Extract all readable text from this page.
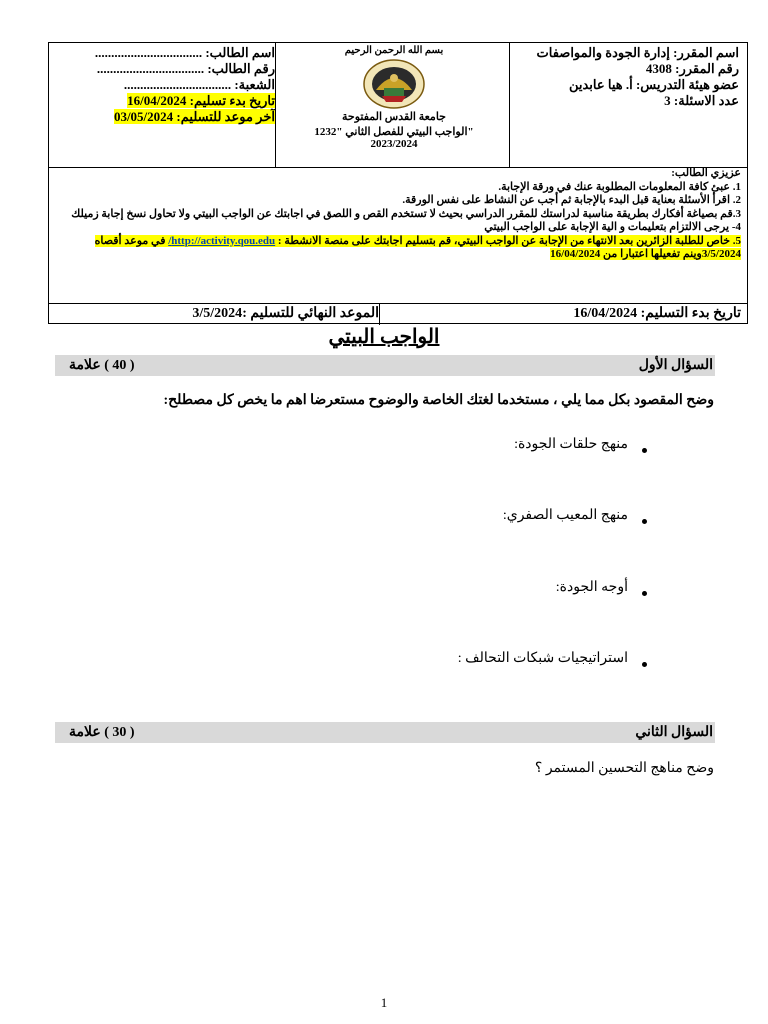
اسم المقرر: إدارة الجودة والمواصفات
رقم المقرر: 4308
عضو هيئة التدريس: أ. هيا عابدين
عدد الاسئلة: 3
بسم الله الرحمن الرحيم
جامعة القدس المفتوحة
الواجب البيتي للفصل الثاني "1232"
2023/2024
اسم الطالب: .................................
رقم الطالب: .................................
الشعبة: .................................
تاريخ بدء تسليم: 16/04/2024
آخر موعد للتسليم: 03/05/2024

عزيزي الطالب:

1. عبئ كافة المعلومات المطلوبة عنك في ورقة الإجابة.

2. اقرأ الأسئلة بعناية قبل البدء بالإجابة ثم أجب عن النشاط على نفس الورقة.

3.قم بصياغة أفكارك بطريقة مناسبة لدراستك للمقرر الدراسي بحيث لا تستخدم القص و اللصق في اجابتك عن الواجب البيتي ولا تحاول نسخ إجابة زميلك

4- يرجى الالتزام بتعليمات و الية الإجابة على الواجب البيتي

5. خاص للطلبة الزائرين بعد الانتهاء من الإجابة عن الواجب البيتي، قم بتسليم اجابتك على منصة الانشطة : http://activity.qou.edu/ في موعد أقصاه 3/5/2024وينم تفعيلها اعتبارا من 16/04/2024

تاريخ بدء التسليم: 16/04/2024
الموعد النهائي للتسليم :3/5/2024
الواجب البيتي
السؤال الأول
( 40 ) علامة
وضح المقصود بكل مما يلي ، مستخدما لغتك الخاصة والوضوح مستعرضا اهم ما يخص كل مصطلح:
منهج حلقات الجودة:
منهج المعيب الصفري:
أوجه الجودة:
استراتيجيات شبكات التحالف :
السؤال الثاني
( 30 ) علامة
وضح مناهج التحسين المستمر ؟
1
